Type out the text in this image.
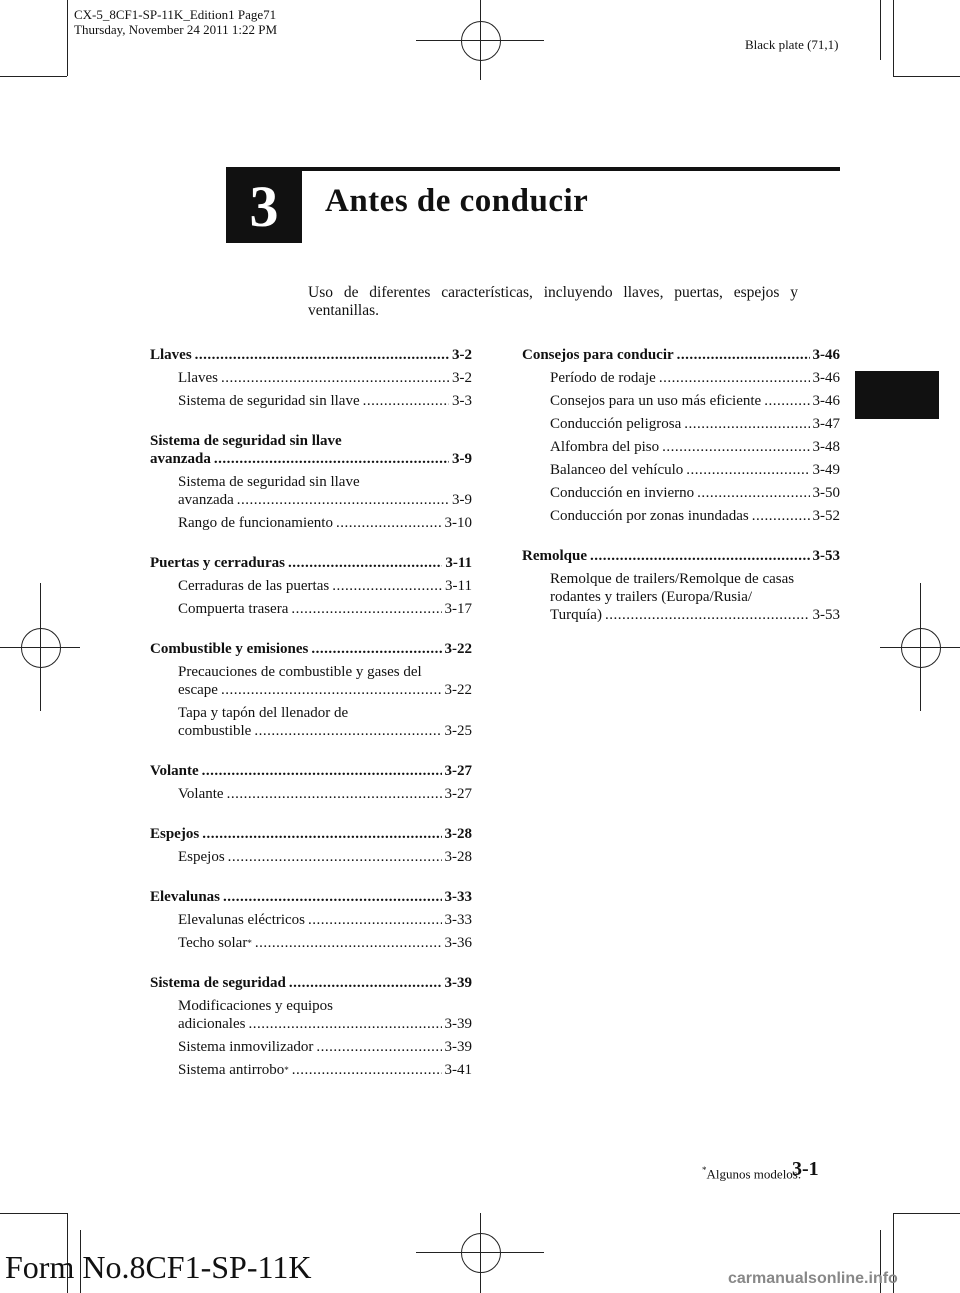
CX-5_8CF1-SP-11K_Edition1 Page71
Thursday, November 24 2011 1:22 PM
Black plate (71,1)
3	Antes de conducir
Uso de diferentes características, incluyendo llaves, puertas, espejos y ventanillas.
Llaves .....	3-2
Llaves .....	3-2
Sistema de seguridad sin llave .....	3-3
Sistema de seguridad sin llave
avanzada .....	3-9
Sistema de seguridad sin llave
avanzada .....	3-9
Rango de funcionamiento .....	3-10
Puertas y cerraduras .....	3-11
Cerraduras de las puertas .....	3-11
Compuerta trasera .....	3-17
Combustible y emisiones .....	3-22
Precauciones de combustible y gases del
escape .....	3-22
Tapa y tapón del llenador de
combustible .....	3-25
Volante .....	3-27
Volante .....	3-27
Espejos .....	3-28
Espejos .....	3-28
Elevalunas .....	3-33
Elevalunas eléctricos .....	3-33
Techo solar * .....	3-36
Sistema de seguridad .....	3-39
Modificaciones y equipos
adicionales .....	3-39
Sistema inmovilizador .....	3-39
Sistema antirrobo * .....	3-41
Consejos para conducir .....	3-46
Período de rodaje .....	3-46
Consejos para un uso más eficiente .....	3-46
Conducción peligrosa .....	3-47
Alfombra del piso .....	3-48
Balanceo del vehículo .....	3-49
Conducción en invierno .....	3-50
Conducción por zonas inundadas .....	3-52
Remolque .....	3-53
Remolque de trailers/Remolque de casas
rodantes y trailers (Europa/Rusia/
Turquía) .....	3-53
*Algunos modelos.
3-1
Form No.8CF1-SP-11K	carmanualsonline.info
